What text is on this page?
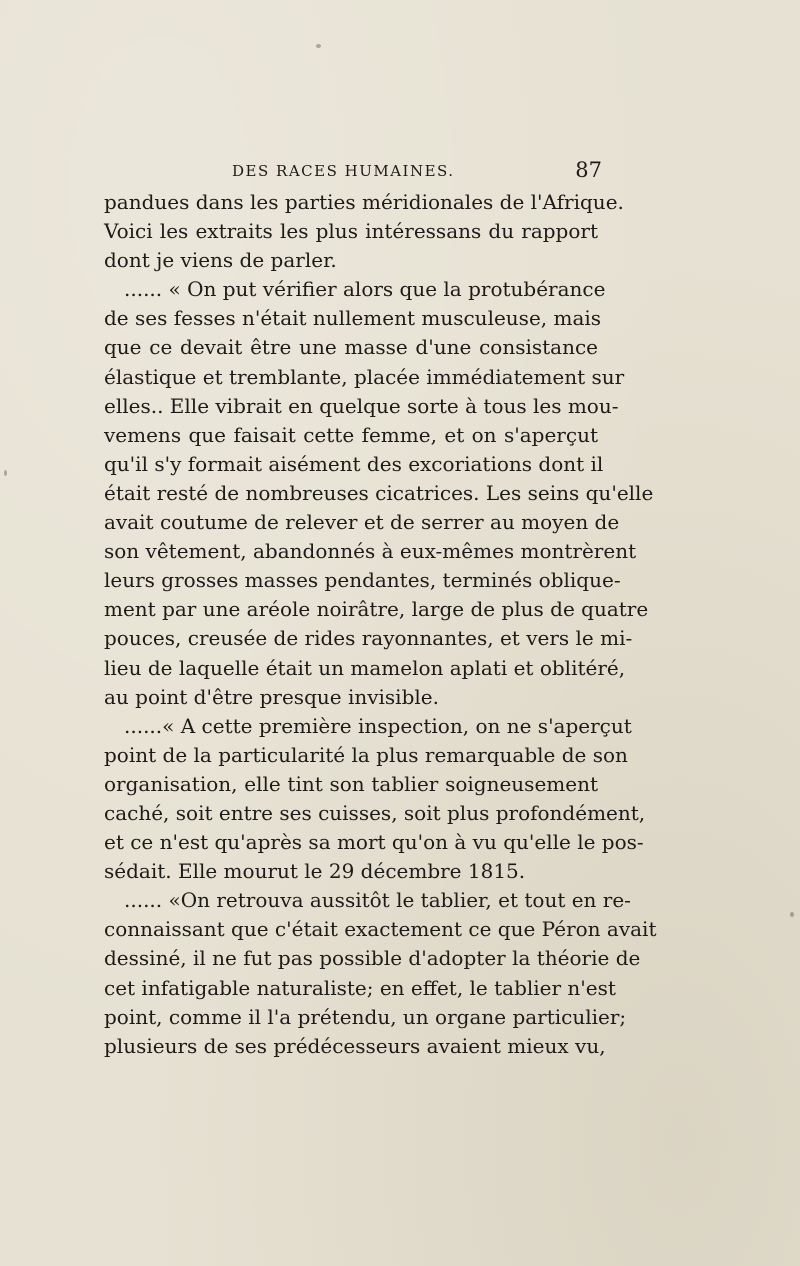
DES RACES HUMAINES.	87
pandues dans les parties méridionales de l'Afrique.
Voici les extraits les plus intéressans du rapport
dont je viens de parler.
...... « On put vérifier alors que la protubérance
de ses fesses n'était nullement musculeuse, mais
que ce devait être une masse d'une consistance
élastique et tremblante, placée immédiatement sur
elles.. Elle vibrait en quelque sorte à tous les mou-
vemens que faisait cette femme, et on s'aperçut
qu'il s'y formait aisément des excoriations dont il
était resté de nombreuses cicatrices. Les seins qu'elle
avait coutume de relever et de serrer au moyen de
son vêtement, abandonnés à eux-mêmes montrèrent
leurs grosses masses pendantes, terminés oblique-
ment par une aréole noirâtre, large de plus de quatre
pouces, creusée de rides rayonnantes, et vers le mi-
lieu de laquelle était un mamelon aplati et oblitéré,
au point d'être presque invisible.
......« A cette première inspection, on ne s'aperçut
point de la particularité la plus remarquable de son
organisation, elle tint son tablier soigneusement
caché, soit entre ses cuisses, soit plus profondément,
et ce n'est qu'après sa mort qu'on à vu qu'elle le pos-
sédait. Elle mourut le 29 décembre 1815.
...... «On retrouva aussitôt le tablier, et tout en re-
connaissant que c'était exactement ce que Péron avait
dessiné, il ne fut pas possible d'adopter la théorie de
cet infatigable naturaliste; en effet, le tablier n'est
point, comme il l'a prétendu, un organe particulier;
plusieurs de ses prédécesseurs avaient mieux vu,
